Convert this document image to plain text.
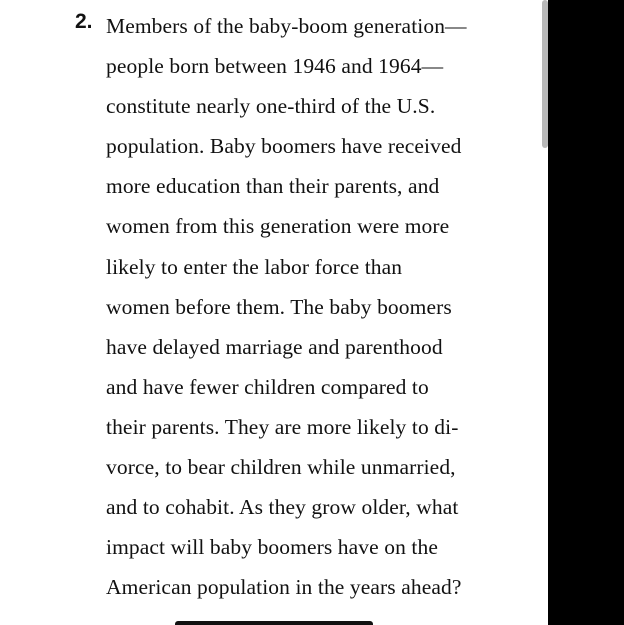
2. Members of the baby-boom generation—
people born between 1946 and 1964—
constitute nearly one-third of the U.S.
population. Baby boomers have received
more education than their parents, and
women from this generation were more
likely to enter the labor force than
women before them. The baby boomers
have delayed marriage and parenthood
and have fewer children compared to
their parents. They are more likely to di-
vorce, to bear children while unmarried,
and to cohabit. As they grow older, what
impact will baby boomers have on the
American population in the years ahead?
